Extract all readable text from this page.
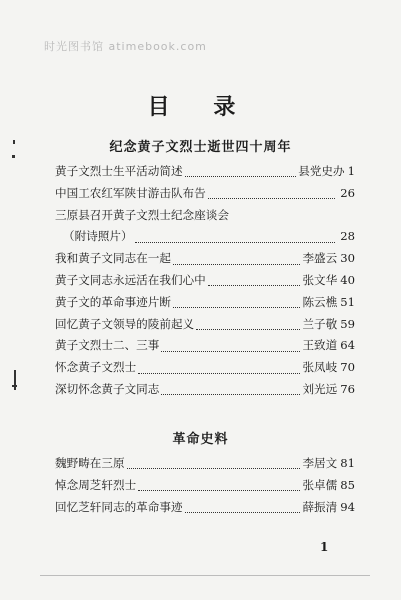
时光图书馆 atimebook.com
目 录
纪念黄子文烈士逝世四十周年
黄子文烈士生平活动简述	县党史办 1
中国工农红军陕甘游击队布告	26
三原县召开黄子文烈士纪念座谈会
（附诗照片）	28
我和黄子文同志在一起	李盛云 30
黄子文同志永远活在我们心中	张文华 40
黄子文的革命事迹片断	陈云樵 51
回忆黄子文领导的陵前起义	兰子敬 59
黄子文烈士二、三事	王致道 64
怀念黄子文烈士	张凤岐 70
深切怀念黄子文同志	刘光远 76
革命史料
魏野畴在三原	李居文 81
悼念周芝轩烈士	张卓儒 85
回忆芝轩同志的革命事迹	薛振清 94
1
